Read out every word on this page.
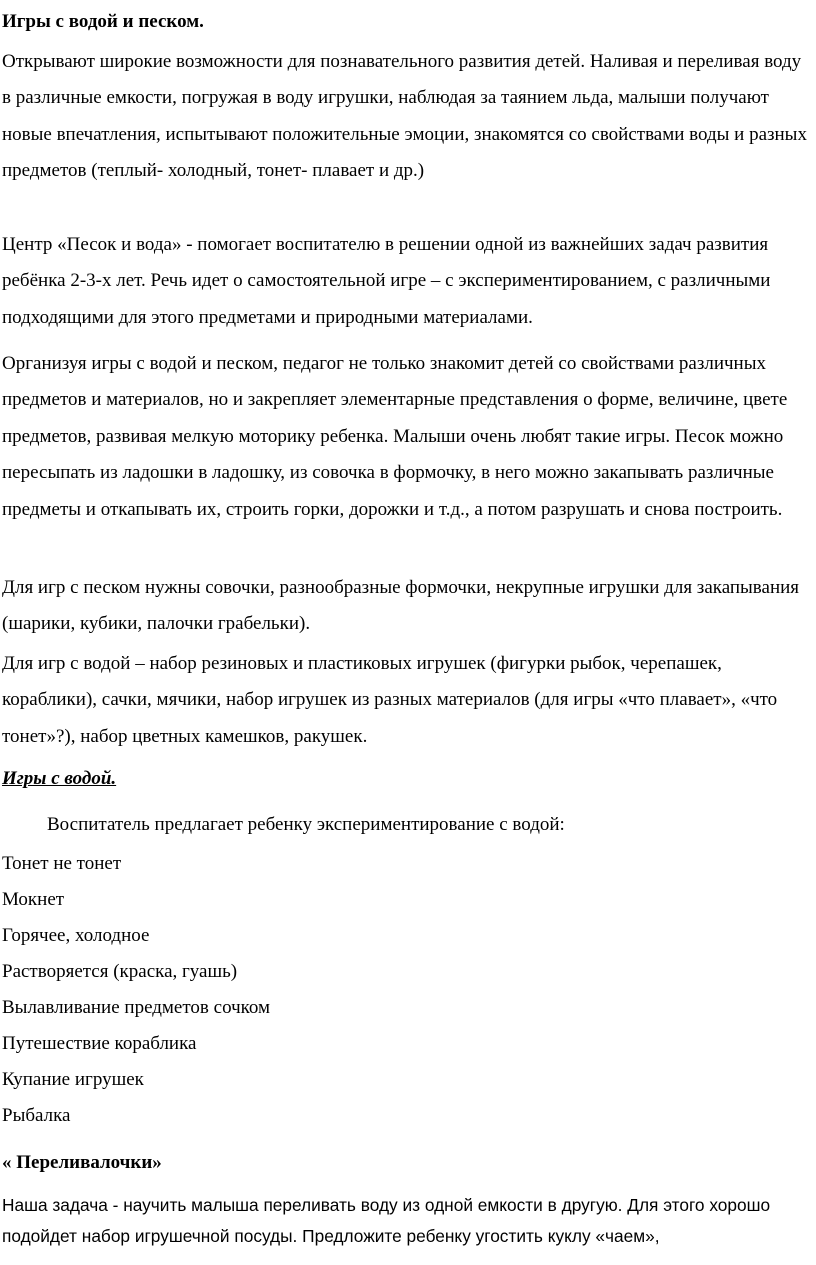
Игры с водой и песком.

Открывают широкие возможности для познавательного развития детей. Наливая и переливая воду в различные емкости, погружая в воду игрушки, наблюдая за таянием льда, малыши получают новые впечатления, испытывают положительные эмоции, знакомятся со свойствами воды и разных предметов (теплый- холодный, тонет- плавает и др.)

Центр «Песок и вода» - помогает воспитателю в решении одной из важнейших задач развития ребёнка 2-3-х лет. Речь идет о самостоятельной игре – с экспериментированием, с различными подходящими для этого предметами и природными материалами.

Организуя игры с водой и песком, педагог не только знакомит детей со свойствами различных предметов и материалов, но и закрепляет элементарные представления о форме, величине, цвете предметов, развивая мелкую моторику ребенка. Малыши очень любят такие игры. Песок можно пересыпать из ладошки в ладошку, из совочка в формочку, в него можно закапывать различные предметы и откапывать их, строить горки, дорожки и т.д., а потом разрушать и снова построить.

Для игр с песком нужны совочки, разнообразные формочки, некрупные игрушки для закапывания (шарики, кубики, палочки грабельки).

Для игр с водой – набор резиновых и пластиковых игрушек (фигурки рыбок, черепашек, кораблики), сачки, мячики, набор игрушек из разных материалов (для игры «что плавает», «что тонет»?), набор цветных камешков, ракушек.

Игры с водой.

Воспитатель предлагает ребенку экспериментирование с водой:

Тонет не тонет
Мокнет
Горячее, холодное
Растворяется (краска, гуашь)
Вылавливание предметов сочком
Путешествие кораблика
Купание игрушек
Рыбалка

« Переливалочки»

Наша задача - научить малыша переливать воду из одной емкости в другую. Для этого хорошо подойдет набор игрушечной посуды. Предложите ребенку угостить куклу «чаем»,
